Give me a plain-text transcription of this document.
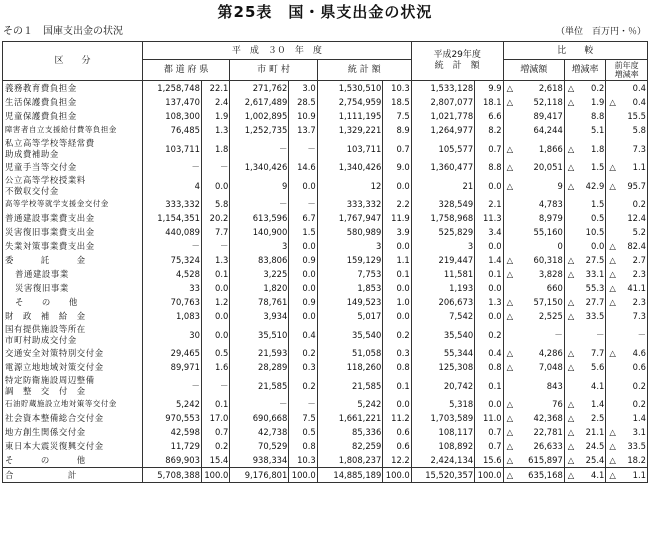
第25表　国・県支出金の状況
その１　国庫支出金の状況	（単位　百万円・％）
区　　分	平　成　３０　年　度						平成29年度
統　計　額		比　　較					
	都 道 府 県		市 町 村		統 計 額				増減額		増減率		前年度
増減率	
義務教育費負担金	1,258,748	22.1	271,762	3.0	1,530,510	10.3	1,533,128	9.9	△	2,618	△	0.2		0.4
生活保護費負担金	137,470	2.4	2,617,489	28.5	2,754,959	18.5	2,807,077	18.1	△	52,118	△	1.9	△	0.4
児童保護費負担金	108,300	1.9	1,002,895	10.9	1,111,195	7.5	1,021,778	6.6		89,417		8.8		15.5
障害者自立支援給付費等負担金	76,485	1.3	1,252,735	13.7	1,329,221	8.9	1,264,977	8.2		64,244		5.1		5.8

私立高等学校等経常費
助成費補助金	103,711	1.8	－	－	103,711	0.7	105,577	0.7	△	1,866	△	1.8		7.3
児童手当等交付金	－	－	1,340,426	14.6	1,340,426	9.0	1,360,477	8.8	△	20,051	△	1.5	△	1.1

公立高等学校授業料
不徴収交付金	4	0.0	9	0.0	12	0.0	21	0.0	△	9	△	42.9	△	95.7
高等学校等就学支援金交付金	333,332	5.8	－	－	333,332	2.2	328,549	2.1		4,783		1.5		0.2
普通建設事業費支出金	1,154,351	20.2	613,596	6.7	1,767,947	11.9	1,758,968	11.3		8,979		0.5		12.4
災害復旧事業費支出金	440,089	7.7	140,900	1.5	580,989	3.9	525,829	3.4		55,160		10.5		5.2
失業対策事業費支出金	－	－	3	0.0	3	0.0	3	0.0		0		0.0	△	82.4
委　　　託　　　金	75,324	1.3	83,806	0.9	159,129	1.1	219,447	1.4	△	60,318	△	27.5	△	2.7
普通建設事業	4,528	0.1	3,225	0.0	7,753	0.1	11,581	0.1	△	3,828	△	33.1	△	2.3
災害復旧事業	33	0.0	1,820	0.0	1,853	0.0	1,193	0.0		660		55.3	△	41.1
そ　　の　　他	70,763	1.2	78,761	0.9	149,523	1.0	206,673	1.3	△	57,150	△	27.7	△	2.3
財　政　補　給　金	1,083	0.0	3,934	0.0	5,017	0.0	7,542	0.0	△	2,525	△	33.5		7.3

国有提供施設等所在
市町村助成交付金	30	0.0	35,510	0.4	35,540	0.2	35,540	0.2		－		－		－
交通安全対策特別交付金	29,465	0.5	21,593	0.2	51,058	0.3	55,344	0.4	△	4,286	△	7.7	△	4.6
電源立地地域対策交付金	89,971	1.6	28,289	0.3	118,260	0.8	125,308	0.8	△	7,048	△	5.6		0.6

特定防衛施設周辺整備
調　整　交　付　金	－	－	21,585	0.2	21,585	0.1	20,742	0.1		843		4.1		0.2
石油貯蔵施設立地対策等交付金	5,242	0.1	－	－	5,242	0.0	5,318	0.0	△	76	△	1.4		0.2
社会資本整備総合交付金	970,553	17.0	690,668	7.5	1,661,221	11.2	1,703,589	11.0	△	42,368	△	2.5		1.4
地方創生関係交付金	42,598	0.7	42,738	0.5	85,336	0.6	108,117	0.7	△	22,781	△	21.1	△	3.1
東日本大震災復興交付金	11,729	0.2	70,529	0.8	82,259	0.6	108,892	0.7	△	26,633	△	24.5	△	33.5
そ　　　の　　　他	869,903	15.4	938,334	10.3	1,808,237	12.2	2,424,134	15.6	△	615,897	△	25.4	△	18.2
合　　　　　　計	5,708,388	100.0	9,176,801	100.0	14,885,189	100.0	15,520,357	100.0	△	635,168	△	4.1	△	1.1
